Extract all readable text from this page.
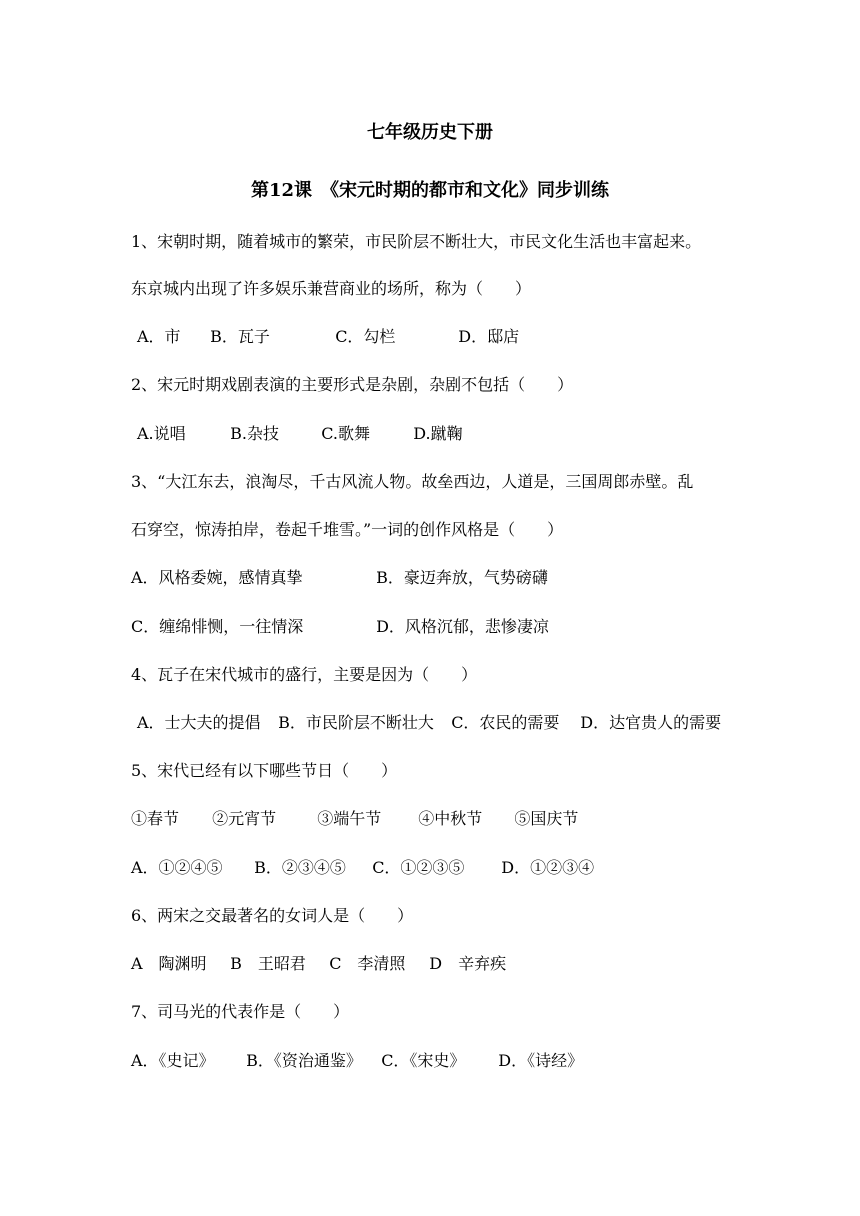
七年级历史下册
第12课　《宋元时期的都市和文化》同步训练
1、宋朝时期，随着城市的繁荣，市民阶层不断壮大，市民文化生活也丰富起来。
东京城内出现了许多娱乐兼营商业的场所，称为（　　）
A．市 B．瓦子	C．勾栏	D．邸店
2、宋元时期戏剧表演的主要形式是杂剧，杂剧不包括（　　）
A.说唱	B.杂技	C.歌舞	D.蹴鞠
3、“大江东去，浪淘尽，千古风流人物。故垒西边，人道是，三国周郎赤壁。乱
石穿空，惊涛拍岸，卷起千堆雪。”一词的创作风格是（　　）
A．风格委婉，感情真挚	B．豪迈奔放，气势磅礴
C．缠绵悱恻，一往情深	D．风格沉郁，悲惨凄凉
4、瓦子在宋代城市的盛行，主要是因为（　　）
A．士大夫的提倡 B．市民阶层不断壮大 C．农民的需要 D．达官贵人的需要
5、宋代已经有以下哪些节日（　　）
①春节 ②元宵节	③端午节 ④中秋节 ⑤国庆节
A．①②④⑤ B．②③④⑤ C．①②③⑤ D．①②③④
6、两宋之交最著名的女词人是（　　）
A　陶渊明 B　王昭君 C　李清照 D　辛弃疾
7、司马光的代表作是（　　）
A．《史记》 B．《资治通鉴》 C．《宋史》 D．《诗经》
